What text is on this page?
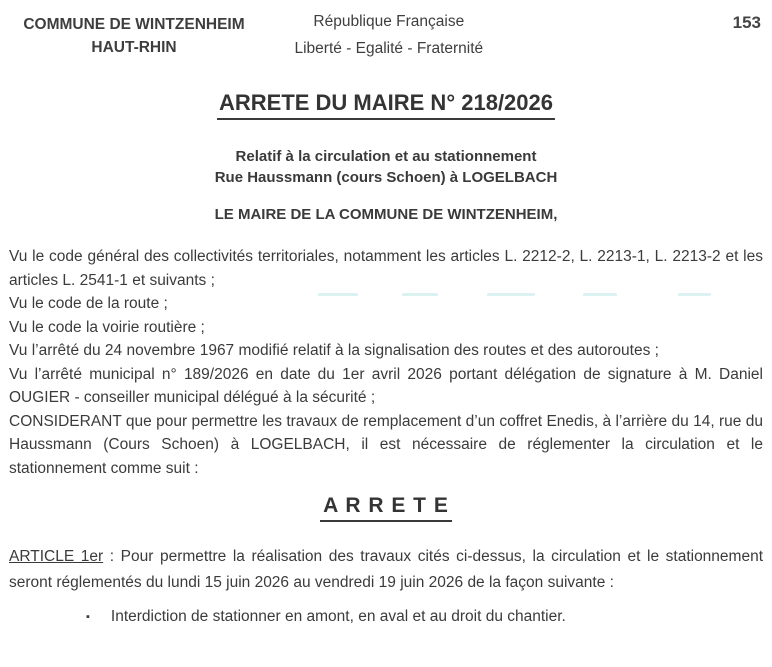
COMMUNE DE WINTZENHEIM
HAUT-RHIN
République Française
Liberté - Egalité - Fraternité
153
ARRETE DU MAIRE N° 218/2026
Relatif à la circulation et au stationnement
Rue Haussmann (cours Schoen) à LOGELBACH
LE MAIRE DE LA COMMUNE DE WINTZENHEIM,

Vu le code général des collectivités territoriales, notamment les articles L. 2212-2, L. 2213-1, L. 2213-2 et les articles L. 2541-1 et suivants ;

Vu le code de la route ;

Vu le code la voirie routière ;

Vu l’arrêté du 24 novembre 1967 modifié relatif à la signalisation des routes et des autoroutes ;

Vu l’arrêté municipal n° 189/2026 en date du 1er avril 2026 portant délégation de signature à M. Daniel OUGIER - conseiller municipal délégué à la sécurité ;

CONSIDERANT que pour permettre les travaux de remplacement d’un coffret Enedis, à l’arrière du 14, rue du Haussmann (Cours Schoen) à LOGELBACH, il est nécessaire de réglementer la circulation et le stationnement comme suit :

A R R E T E

ARTICLE 1er : Pour permettre la réalisation des travaux cités ci-dessus, la circulation et le stationnement seront réglementés du lundi 15 juin 2026 au vendredi 19 juin 2026 de la façon suivante :

▪ Interdiction de stationner en amont, en aval et au droit du chantier.
